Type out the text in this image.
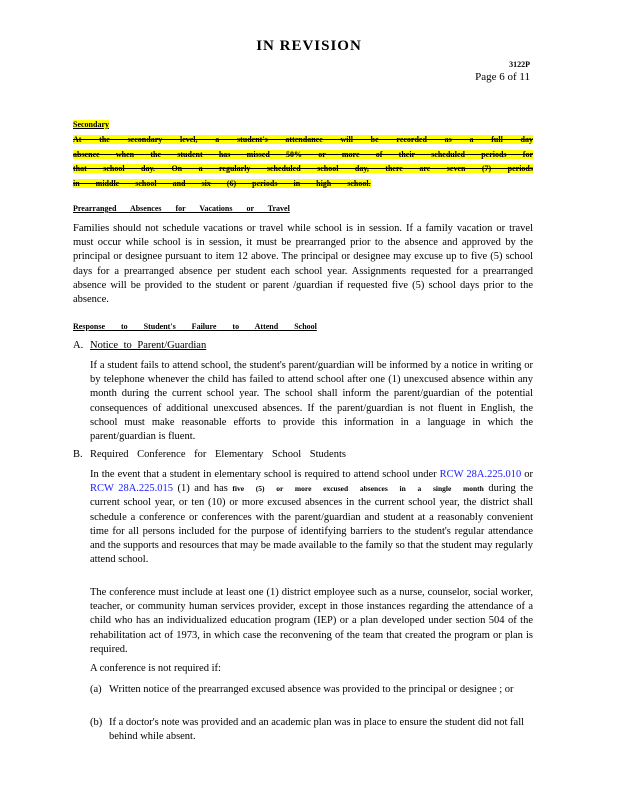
IN REVISION
3122P
Page 6 of 11
Secondary
At the secondary level, a student's attendance will be recorded as a full day absence when the student has missed 50% or more of their scheduled periods for that school day. On a regularly scheduled school day, there are seven (7) periods in middle school and six (6) periods in high school.
Prearranged Absences for Vacations or Travel
Families should not schedule vacations or travel while school is in session. If a family vacation or travel must occur while school is in session, it must be prearranged prior to the absence and approved by the principal or designee pursuant to item 12 above. The principal or designee may excuse up to five (5) school days for a prearranged absence per student each school year. Assignments requested for a prearranged absence will be provided to the student or parent /guardian if requested five (5) school days prior to the absence.
Response to Student's Failure to Attend School
A. Notice to Parent/Guardian
If a student fails to attend school, the student's parent/guardian will be informed by a notice in writing or by telephone whenever the child has failed to attend school after one (1) unexcused absence within any month during the current school year. The school shall inform the parent/guardian of the potential consequences of additional unexcused absences. If the parent/guardian is not fluent in English, the school must make reasonable efforts to provide this information in a language in which the parent/guardian is fluent.
B. Required Conference for Elementary School Students
In the event that a student in elementary school is required to attend school under RCW 28A.225.010 or RCW 28A.225.015 (1) and has five (5) or more excused absences in a single month during the current school year, or ten (10) or more excused absences in the current school year, the district shall schedule a conference or conferences with the parent/guardian and student at a reasonably convenient time for all persons included for the purpose of identifying barriers to the student's regular attendance and the supports and resources that may be made available to the family so that the student may regularly attend school.
The conference must include at least one (1) district employee such as a nurse, counselor, social worker, teacher, or community human services provider, except in those instances regarding the attendance of a child who has an individualized education program (IEP) or a plan developed under section 504 of the rehabilitation act of 1973, in which case the reconvening of the team that created the program or plan is required.
A conference is not required if:
(a) Written notice of the prearranged excused absence was provided to the principal or designee ; or
(b) If a doctor's note was provided and an academic plan was in place to ensure the student did not fall behind while absent.
